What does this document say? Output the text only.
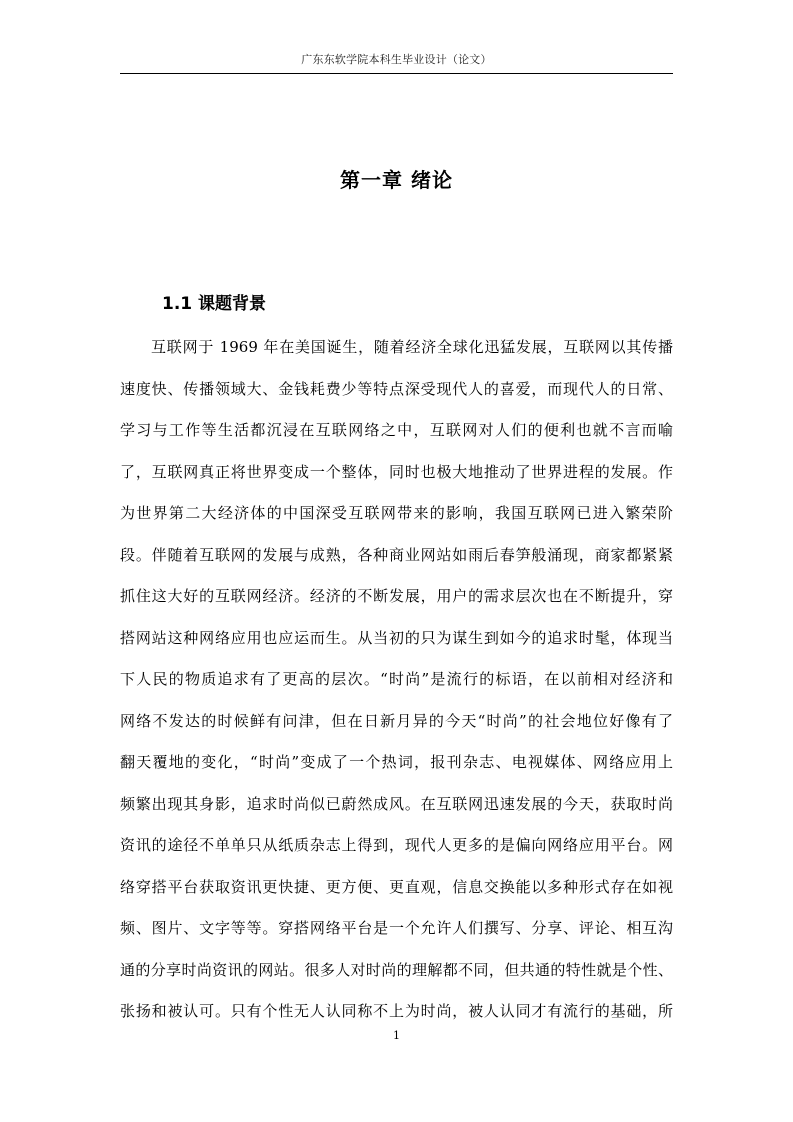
广东东软学院本科生毕业设计（论文）
第一章 绪论
1.1 课题背景
互联网于 1969 年在美国诞生，随着经济全球化迅猛发展，互联网以其传播
速度快、传播领域大、金钱耗费少等特点深受现代人的喜爱，而现代人的日常、
学习与工作等生活都沉浸在互联网络之中，互联网对人们的便利也就不言而喻
了，互联网真正将世界变成一个整体，同时也极大地推动了世界进程的发展。作
为世界第二大经济体的中国深受互联网带来的影响，我国互联网已进入繁荣阶
段。伴随着互联网的发展与成熟，各种商业网站如雨后春笋般涌现，商家都紧紧
抓住这大好的互联网经济。经济的不断发展，用户的需求层次也在不断提升，穿
搭网站这种网络应用也应运而生。从当初的只为谋生到如今的追求时髦，体现当
下人民的物质追求有了更高的层次。“时尚”是流行的标语，在以前相对经济和
网络不发达的时候鲜有问津，但在日新月异的今天“时尚”的社会地位好像有了
翻天覆地的变化，“时尚”变成了一个热词，报刊杂志、电视媒体、网络应用上
频繁出现其身影，追求时尚似已蔚然成风。在互联网迅速发展的今天，获取时尚
资讯的途径不单单只从纸质杂志上得到，现代人更多的是偏向网络应用平台。网
络穿搭平台获取资讯更快捷、更方便、更直观，信息交换能以多种形式存在如视
频、图片、文字等等。穿搭网络平台是一个允许人们撰写、分享、评论、相互沟
通的分享时尚资讯的网站。很多人对时尚的理解都不同，但共通的特性就是个性、
张扬和被认可。只有个性无人认同称不上为时尚，被人认同才有流行的基础，所
1
